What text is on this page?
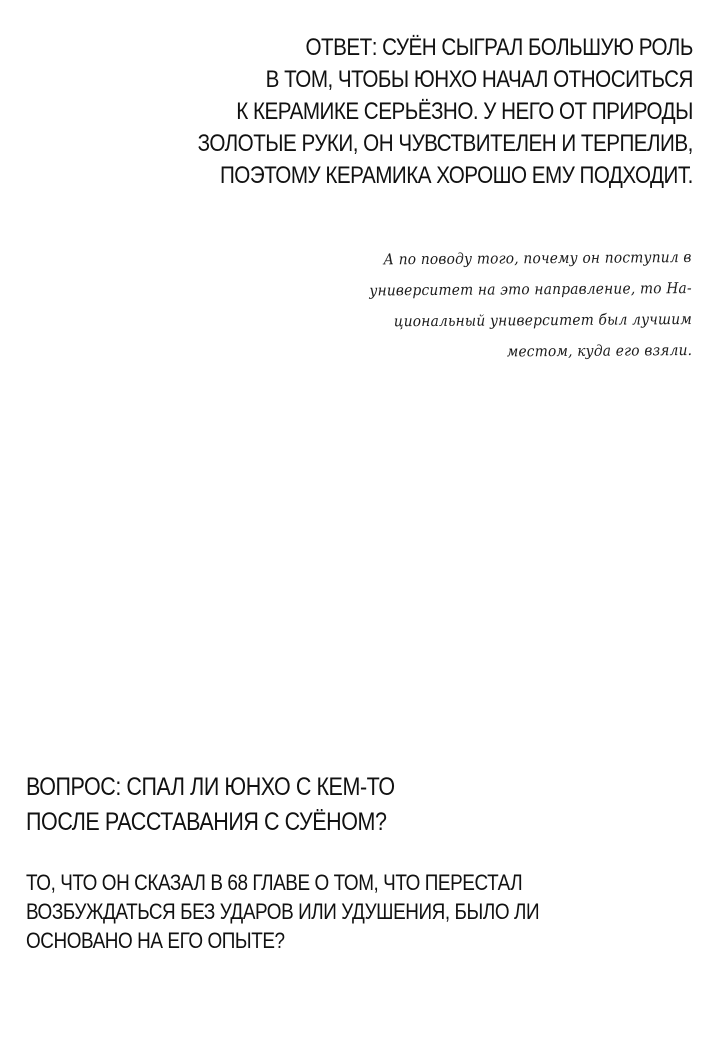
ОТВЕТ: СУЁН СЫГРАЛ БОЛЬШУЮ РОЛЬ
В ТОМ, ЧТОБЫ ЮНХО НАЧАЛ ОТНОСИТЬСЯ
К КЕРАМИКЕ СЕРЬЁЗНО. У НЕГО ОТ ПРИРОДЫ
ЗОЛОТЫЕ РУКИ, ОН ЧУВСТВИТЕЛЕН И ТЕРПЕЛИВ,
ПОЭТОМУ КЕРАМИКА ХОРОШО ЕМУ ПОДХОДИТ.
А по поводу того, почему он поступил в
университет на это направление, то На-
циональный университет был лучшим
местом, куда его взяли.
ВОПРОС: СПАЛ ЛИ ЮНХО С КЕМ-ТО
ПОСЛЕ РАССТАВАНИЯ С СУЁНОМ?
ТО, ЧТО ОН СКАЗАЛ В 68 ГЛАВЕ О ТОМ, ЧТО ПЕРЕСТАЛ
ВОЗБУЖДАТЬСЯ БЕЗ УДАРОВ ИЛИ УДУШЕНИЯ, БЫЛО ЛИ
ОСНОВАНО НА ЕГО ОПЫТЕ?
